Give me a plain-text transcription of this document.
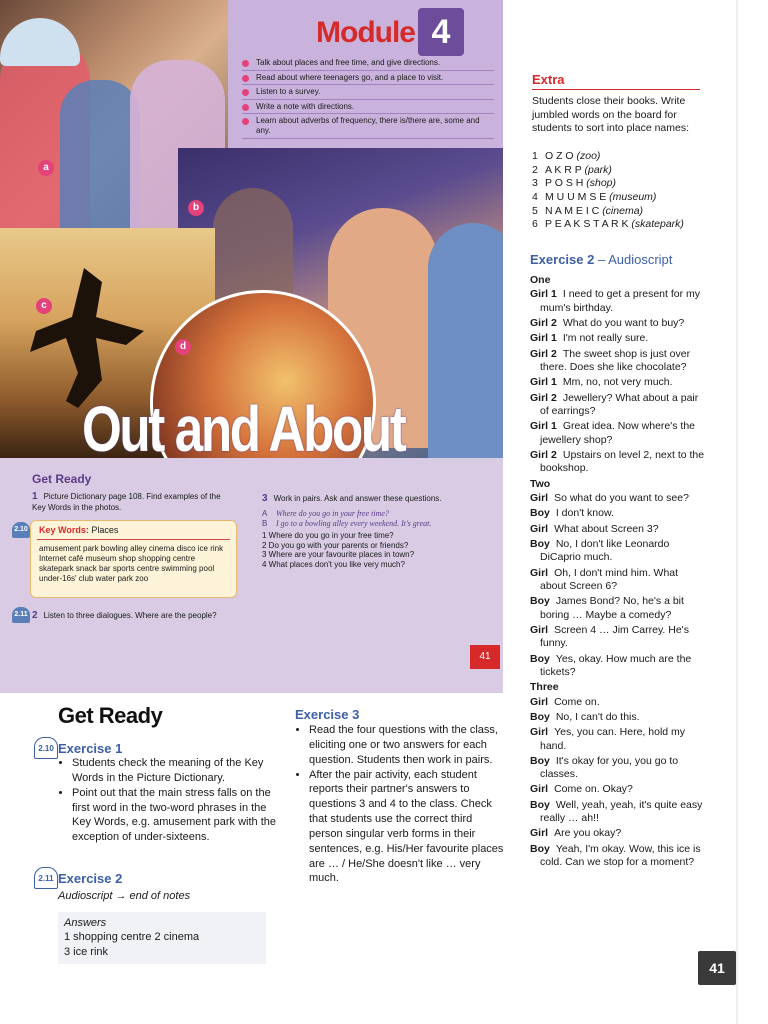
a
Module 4
Talk about places and free time, and give directions.
Read about where teenagers go, and a place to visit.
Listen to a survey.
Write a note with directions.
Learn about adverbs of frequency, there is/there are, some and any.
b
c
d
Out and About
Get Ready
1 Picture Dictionary page 108. Find examples of the Key Words in the photos.
2.10 Key Words: Places
amusement park bowling alley cinema disco ice rink Internet café museum shop shopping centre skatepark snack bar sports centre swimming pool under-16s' club water park zoo
2.11 2 Listen to three dialogues. Where are the people?
3 Work in pairs. Ask and answer these questions.
A Where do you go in your free time?
B I go to a bowling alley every weekend. It's great.
1 Where do you go in your free time?
2 Do you go with your parents or friends?
3 Where are your favourite places in town?
4 What places don't you like very much?
41
Get Ready
2.10 Exercise 1
• Students check the meaning of the Key Words in the Picture Dictionary.
• Point out that the main stress falls on the first word in the two-word phrases in the Key Words, e.g. amusement park with the exception of under-sixteens.
2.11 Exercise 2
Audioscript → end of notes
Answers
1 shopping centre 2 cinema
3 ice rink
Exercise 3
• Read the four questions with the class, eliciting one or two answers for each question. Students then work in pairs.
• After the pair activity, each student reports their partner's answers to questions 3 and 4 to the class. Check that students use the correct third person singular verb forms in their sentences, e.g. His/Her favourite places are … / He/She doesn't like … very much.
Extra
Students close their books. Write jumbled words on the board for students to sort into place names:
1 O Z O (zoo)
2 A K R P (park)
3 P O S H (shop)
4 M U U M S E (museum)
5 N A M E I C (cinema)
6 P E A K S T A R K (skatepark)
Exercise 2 – Audioscript
One
Girl 1 I need to get a present for my mum's birthday.
Girl 2 What do you want to buy?
Girl 1 I'm not really sure.
Girl 2 The sweet shop is just over there. Does she like chocolate?
Girl 1 Mm, no, not very much.
Girl 2 Jewellery? What about a pair of earrings?
Girl 1 Great idea. Now where's the jewellery shop?
Girl 2 Upstairs on level 2, next to the bookshop.
Two
Girl So what do you want to see?
Boy I don't know.
Girl What about Screen 3?
Boy No, I don't like Leonardo DiCaprio much.
Girl Oh, I don't mind him. What about Screen 6?
Boy James Bond? No, he's a bit boring … Maybe a comedy?
Girl Screen 4 … Jim Carrey. He's funny.
Boy Yes, okay. How much are the tickets?
Three
Girl Come on.
Boy No, I can't do this.
Girl Yes, you can. Here, hold my hand.
Boy It's okay for you, you go to classes.
Girl Come on. Okay?
Boy Well, yeah, yeah, it's quite easy really … ah!!
Girl Are you okay?
Boy Yeah, I'm okay. Wow, this ice is cold. Can we stop for a moment?
41
